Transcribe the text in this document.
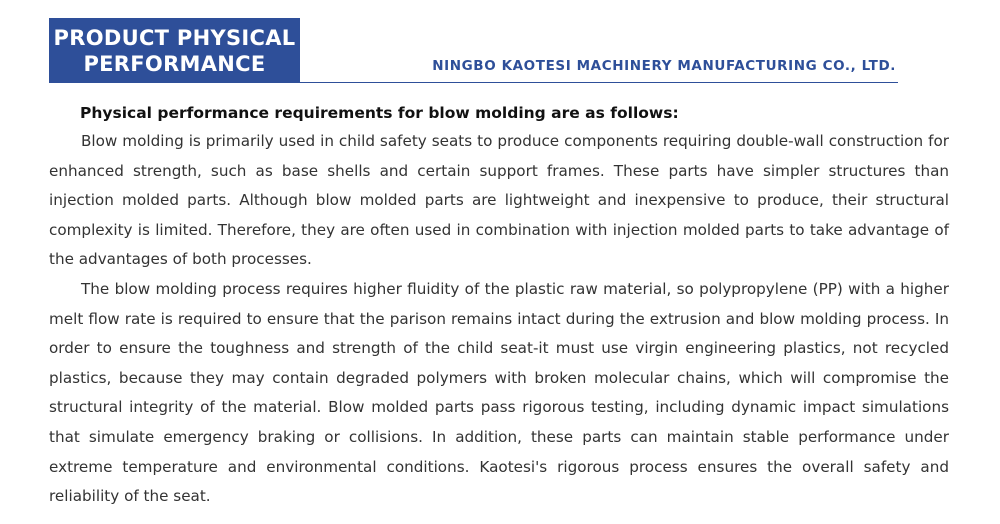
PRODUCT PHYSICAL
PERFORMANCE	NINGBO KAOTESI MACHINERY MANUFACTURING CO., LTD.

Physical performance requirements for blow molding are as follows:

Blow molding is primarily used in child safety seats to produce components requiring double-wall construction for enhanced strength, such as base shells and certain support frames. These parts have simpler structures than injection molded parts. Although blow molded parts are lightweight and inexpensive to produce, their structural complexity is limited. Therefore, they are often used in combination with injection molded parts to take advantage of the advantages of both processes.

The blow molding process requires higher fluidity of the plastic raw material, so polypropylene (PP) with a higher melt flow rate is required to ensure that the parison remains intact during the extrusion and blow molding process. In order to ensure the toughness and strength of the child seat-it must use virgin engineering plastics, not recycled plastics, because they may contain degraded polymers with broken molecular chains, which will compromise the structural integrity of the material. Blow molded parts pass rigorous testing, including dynamic impact simulations that simulate emergency braking or collisions. In addition, these parts can maintain stable performance under extreme temperature and environmental conditions. Kaotesi's rigorous process ensures the overall safety and reliability of the seat.
